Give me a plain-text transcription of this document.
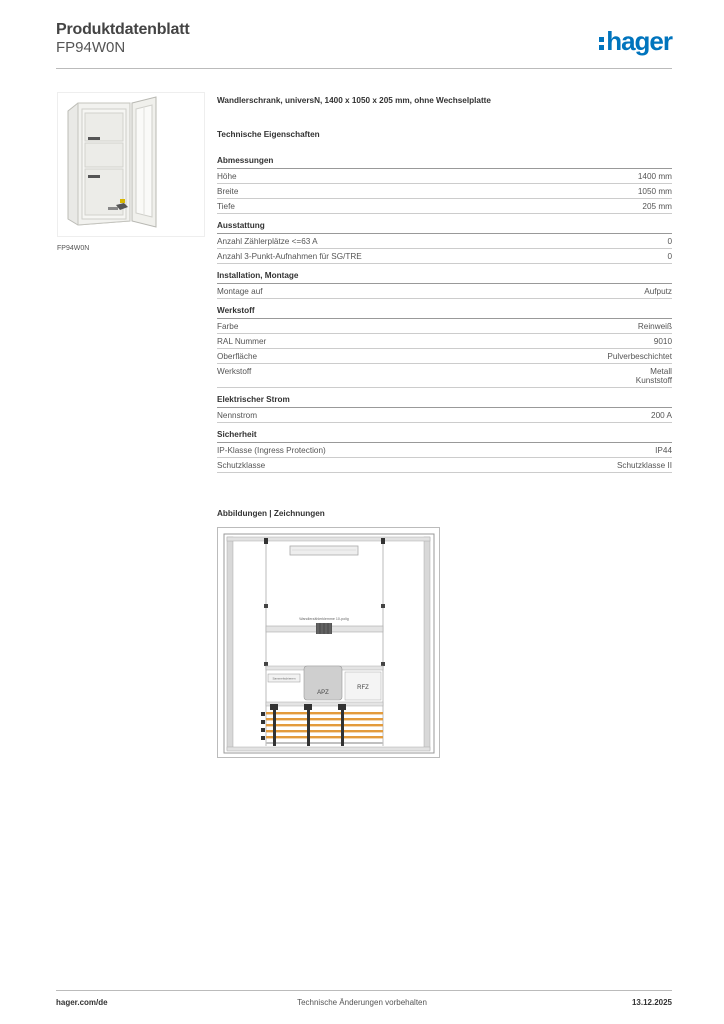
Produktdatenblatt
FP94W0N	hager
FP94W0N
Wandlerschrank, universN, 1400 x 1050 x 205 mm, ohne Wechselplatte
Technische Eigenschaften
Abmessungen
Höhe	1400 mm
Breite	1050 mm
Tiefe	205 mm
Ausstattung
Anzahl Zählerplätze <=63 A	0
Anzahl 3-Punkt-Aufnahmen für SG/TRE	0
Installation, Montage
Montage auf	Aufputz
Werkstoff
Farbe	Reinweiß
RAL Nummer	9010
Oberfläche	Pulverbeschichtet
Werkstoff	Metall
Kunststoff
Elektrischer Strom
Nennstrom	200 A
Sicherheit
IP-Klasse (Ingress Protection)	IP44
Schutzklasse	Schutzklasse II
Abbildungen | Zeichnungen
Wandlerzählerklemme 10-polig
Sammelschienen
APZ
RFZ
hager.com/de	Technische Änderungen vorbehalten	13.12.2025
